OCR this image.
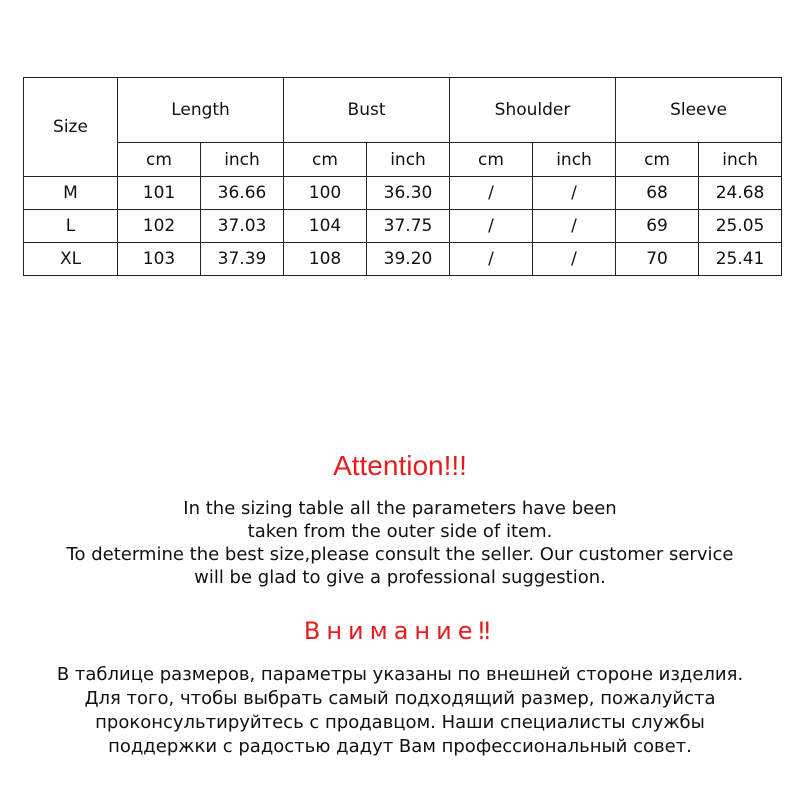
Size	Length		Bust		Shoulder		Sleeve	
	cm	inch	cm	inch	cm	inch	cm	inch
M	101	36.66	100	36.30	/	/	68	24.68
L	102	37.03	104	37.75	/	/	69	25.05
XL	103	37.39	108	39.20	/	/	70	25.41
Attention!!!
In the sizing table all the parameters have been
taken from the outer side of item.
To determine the best size,please consult the seller. Our customer service
will be glad to give a professional suggestion.
Внимание‼
В таблице размеров, параметры указаны по внешней стороне изделия.
Для того, чтобы выбрать самый подходящий размер, пожалуйста
проконсультируйтесь с продавцом. Наши специалисты службы
поддержки с радостью дадут Вам профессиональный совет.
